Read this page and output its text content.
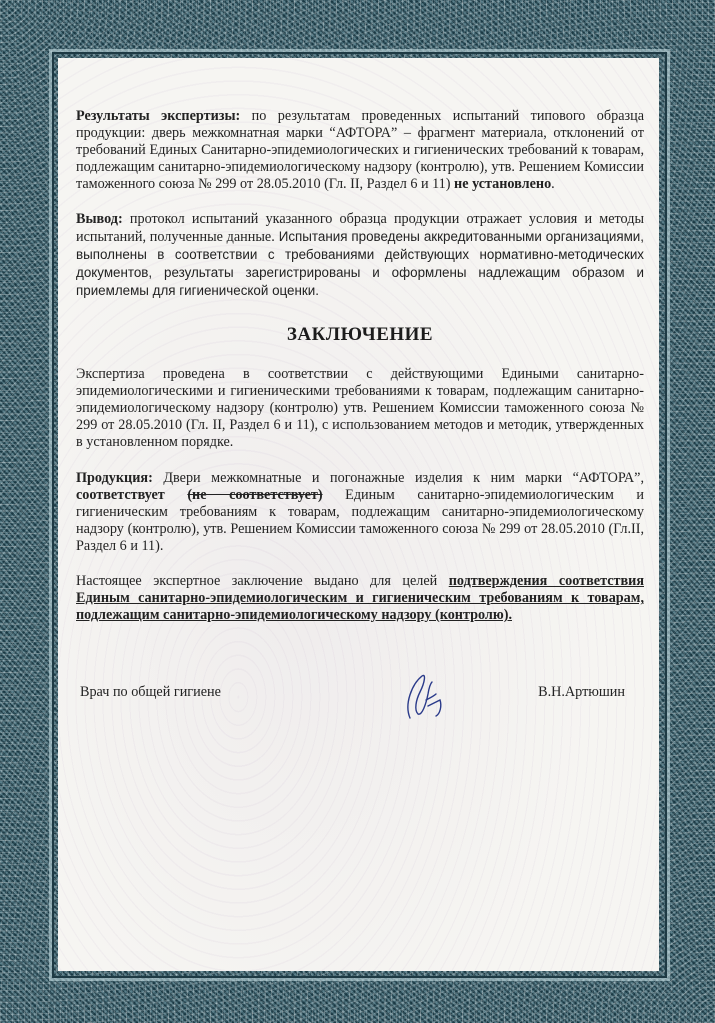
Результаты экспертизы: по результатам проведенных испытаний типового образца продукции: дверь межкомнатная марки “АФТОРА” – фрагмент материала, отклонений от требований Единых Санитарно-эпидемиологических и гигиенических требований к товарам, подлежащим санитарно-эпидемиологическому надзору (контролю), утв. Решением Комиссии таможенного союза № 299 от 28.05.2010 (Гл. II, Раздел 6 и 11) не установлено.

Вывод: протокол испытаний указанного образца продукции отражает условия и методы испытаний, полученные данные. Испытания проведены аккредитованными организациями, выполнены в соответствии с требованиями действующих нормативно-методических документов, результаты зарегистрированы и оформлены надлежащим образом и приемлемы для гигиенической оценки.

ЗАКЛЮЧЕНИЕ

Экспертиза проведена в соответствии с действующими Едиными санитарно-эпидемиологическими и гигиеническими требованиями к товарам, подлежащим санитарно-эпидемиологическому надзору (контролю) утв. Решением Комиссии таможенного союза № 299 от 28.05.2010 (Гл. II, Раздел 6 и 11), с использованием методов и методик, утвержденных в установленном порядке.

Продукция: Двери межкомнатные и погонажные изделия к ним марки “АФТОРА”, соответствует (не соответствует) Единым санитарно-эпидемиологическим и гигиеническим требованиям к товарам, подлежащим санитарно-эпидемиологическому надзору (контролю), утв. Решением Комиссии таможенного союза № 299 от 28.05.2010 (Гл.II, Раздел 6 и 11).

Настоящее экспертное заключение выдано для целей подтверждения соответствия Единым санитарно-эпидемиологическим и гигиеническим требованиям к товарам, подлежащим санитарно-эпидемиологическому надзору (контролю).

Врач по общей гигиене	В.Н.Артюшин
